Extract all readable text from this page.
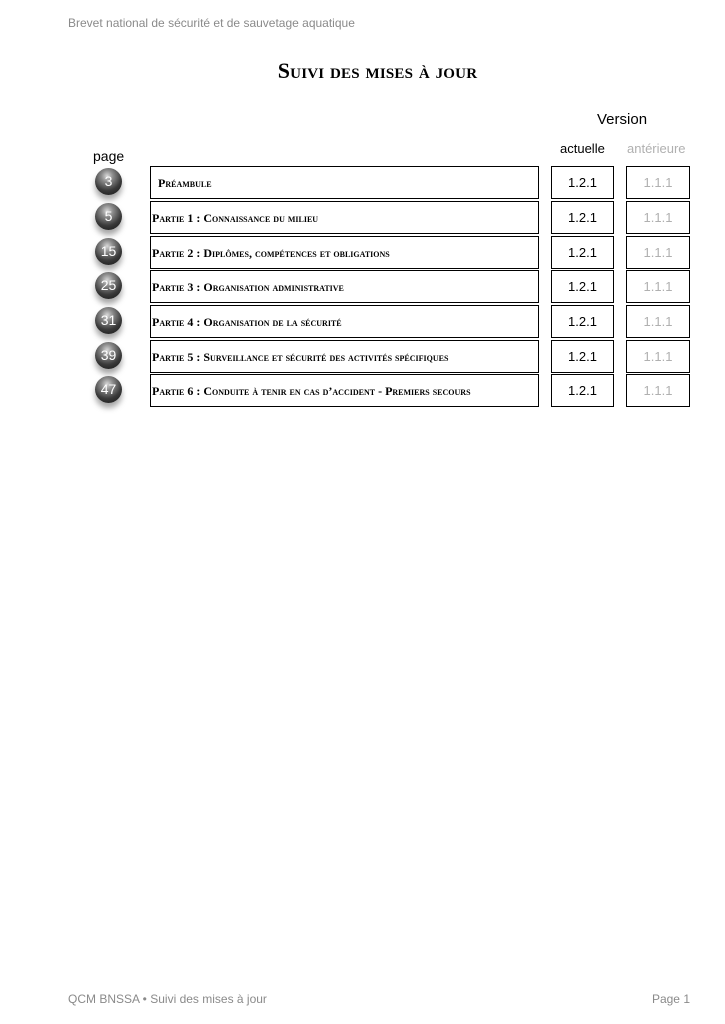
Brevet national de sécurité et de sauvetage aquatique
Suivi des mises à jour
Version
actuelle antérieure
page
3	Préambule	1.2.1	1.1.1
5	Partie 1 : Connaissance du milieu	1.2.1	1.1.1
15	Partie 2 : Diplômes, compétences et obligations	1.2.1	1.1.1
25	Partie 3 : Organisation administrative	1.2.1	1.1.1
31	Partie 4 : Organisation de la sécurité	1.2.1	1.1.1
39	Partie 5 : Surveillance et sécurité des activités spécifiques	1.2.1	1.1.1
47	Partie 6 : Conduite à tenir en cas d’accident - Premiers secours	1.2.1	1.1.1
QCM BNSSA • Suivi des mises à jour	Page 1
